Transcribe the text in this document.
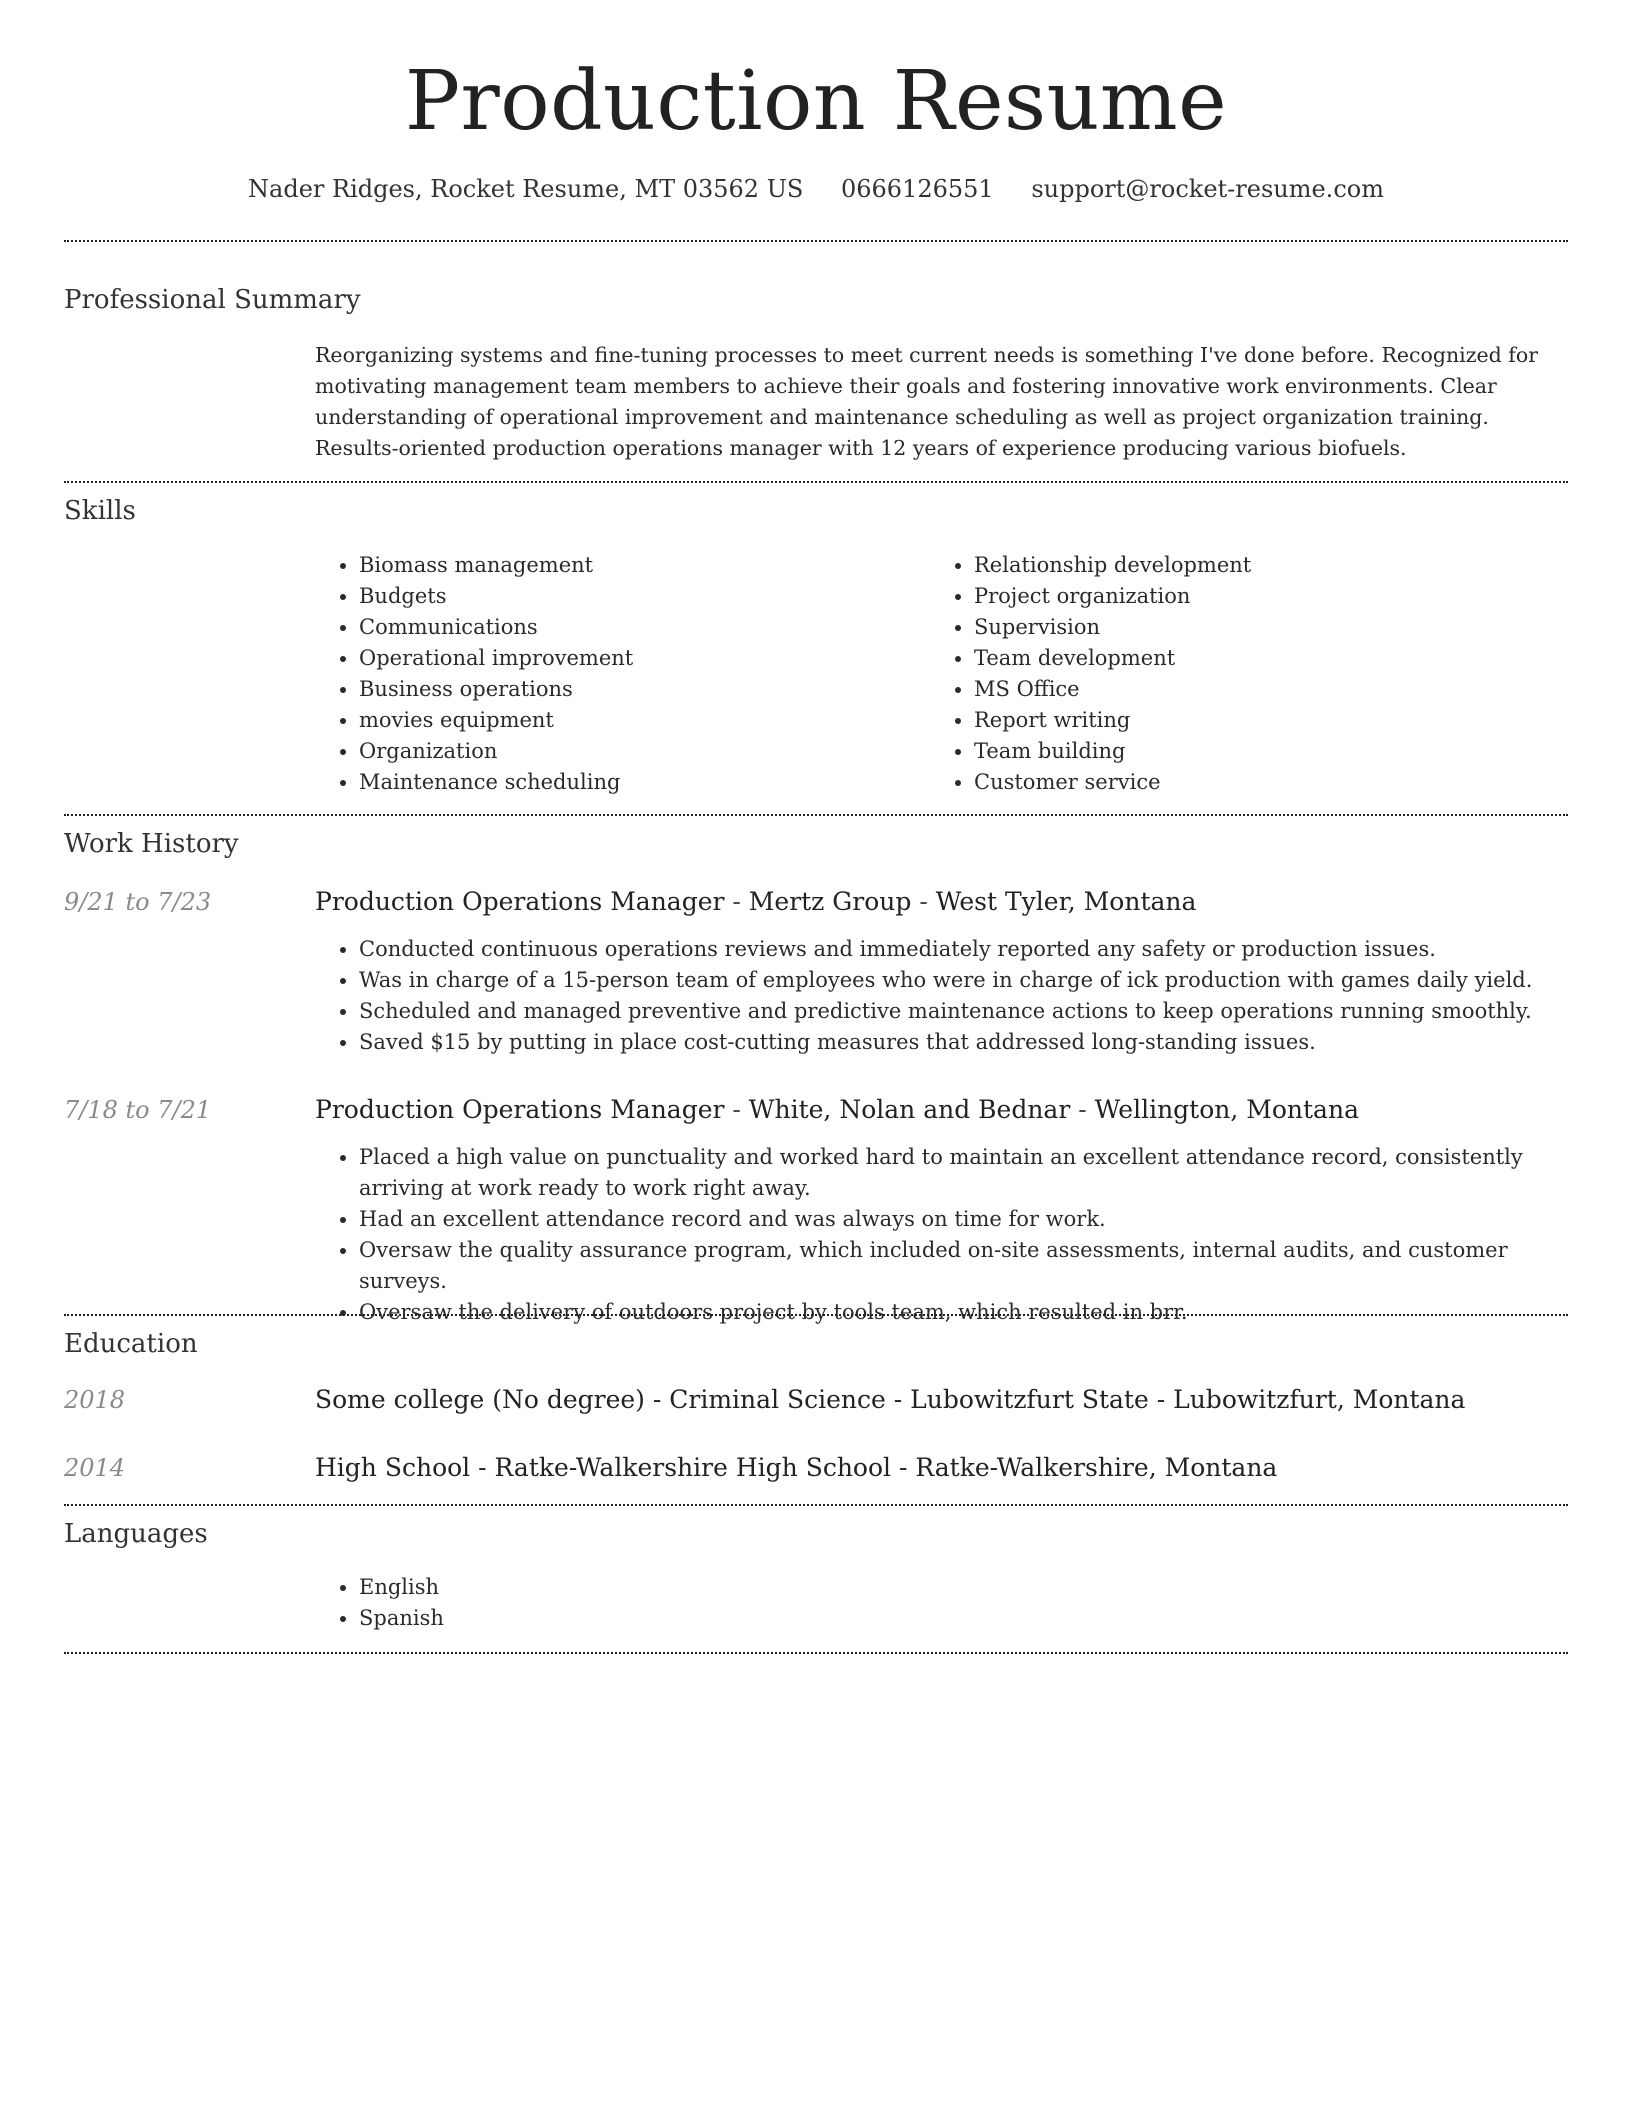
Production Resume
Nader Ridges, Rocket Resume, MT 03562 US 0666126551 support@rocket-resume.com
Professional Summary

Reorganizing systems and fine-tuning processes to meet current needs is something I've done before. Recognized for motivating management team members to achieve their goals and fostering innovative work environments. Clear understanding of operational improvement and maintenance scheduling as well as project organization training. Results-oriented production operations manager with 12 years of experience producing various biofuels.

Skills
• Biomass management
• Budgets
• Communications
• Operational improvement
• Business operations
• movies equipment
• Organization
• Maintenance scheduling
• Relationship development
• Project organization
• Supervision
• Team development
• MS Office
• Report writing
• Team building
• Customer service
Work History
9/21 to 7/23	Production Operations Manager - Mertz Group - West Tyler, Montana
• Conducted continuous operations reviews and immediately reported any safety or production issues.
• Was in charge of a 15-person team of employees who were in charge of ick production with games daily yield.
• Scheduled and managed preventive and predictive maintenance actions to keep operations running smoothly.
• Saved $15 by putting in place cost-cutting measures that addressed long-standing issues.
7/18 to 7/21	Production Operations Manager - White, Nolan and Bednar - Wellington, Montana
• Placed a high value on punctuality and worked hard to maintain an excellent attendance record, consistently arriving at work ready to work right away.
• Had an excellent attendance record and was always on time for work.
• Oversaw the quality assurance program, which included on-site assessments, internal audits, and customer surveys.
• Oversaw the delivery of outdoors project by tools team, which resulted in brr.
Education
2018	Some college (No degree) - Criminal Science - Lubowitzfurt State - Lubowitzfurt, Montana
2014	High School - Ratke-Walkershire High School - Ratke-Walkershire, Montana
Languages
• English
• Spanish
